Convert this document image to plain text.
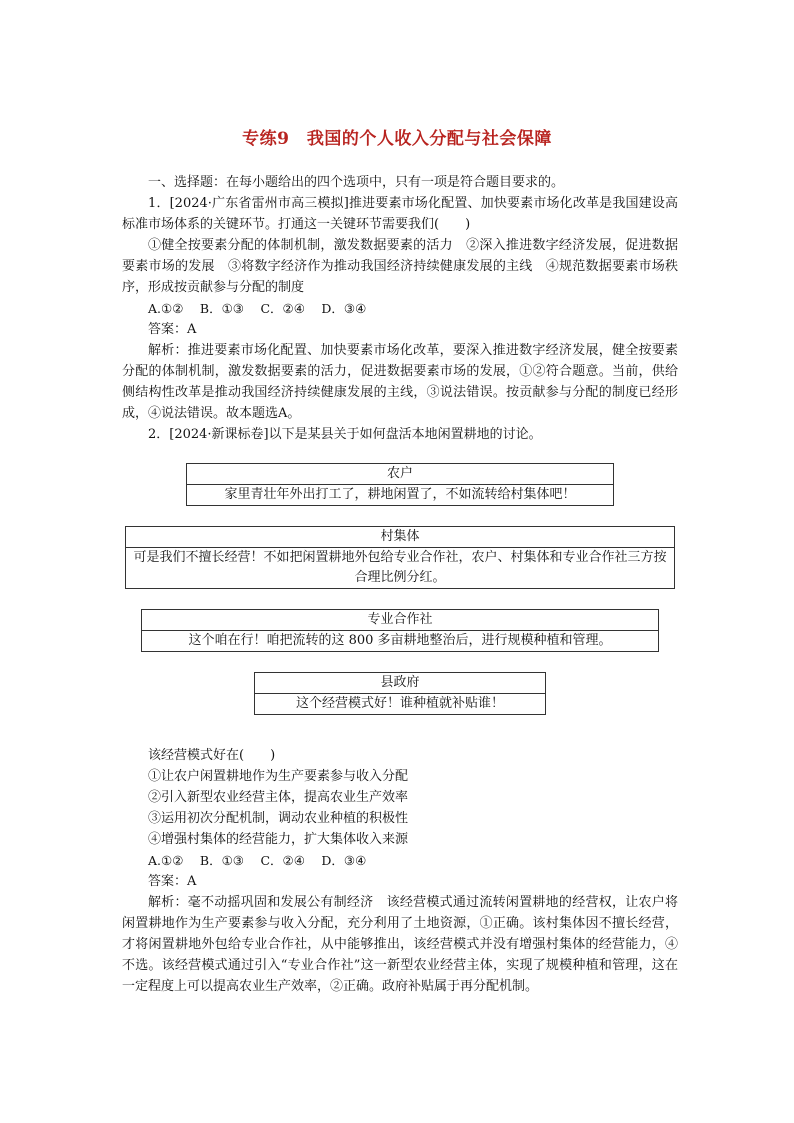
专练9　我国的个人收入分配与社会保障

一、选择题：在每小题给出的四个选项中，只有一项是符合题目要求的。

1．[2024·广东省雷州市高三模拟]推进要素市场化配置、加快要素市场化改革是我国建设高标准市场体系的关键环节。打通这一关键环节需要我们(　　)

①健全按要素分配的体制机制，激发数据要素的活力　②深入推进数字经济发展，促进数据要素市场的发展　③将数字经济作为推动我国经济持续健康发展的主线　④规范数据要素市场秩序，形成按贡献参与分配的制度

A.①②　 B．①③　 C．②④　 D．③④

答案：A

解析：推进要素市场化配置、加快要素市场化改革，要深入推进数字经济发展，健全按要素分配的体制机制，激发数据要素的活力，促进数据要素市场的发展，①②符合题意。当前，供给侧结构性改革是推动我国经济持续健康发展的主线，③说法错误。按贡献参与分配的制度已经形成，④说法错误。故本题选A。

2．[2024·新课标卷]以下是某县关于如何盘活本地闲置耕地的讨论。

农户
家里青壮年外出打工了，耕地闲置了，不如流转给村集体吧！
村集体
可是我们不擅长经营！不如把闲置耕地外包给专业合作社，农户、村集体和专业合作社三方按合理比例分红。
专业合作社
这个咱在行！咱把流转的这 800 多亩耕地整治后，进行规模种植和管理。
县政府
这个经营模式好！谁种植就补贴谁！

该经营模式好在(　　)

①让农户闲置耕地作为生产要素参与收入分配

②引入新型农业经营主体，提高农业生产效率

③运用初次分配机制，调动农业种植的积极性

④增强村集体的经营能力，扩大集体收入来源

A.①②　 B．①③　 C．②④　 D．③④

答案：A

解析：毫不动摇巩固和发展公有制经济　该经营模式通过流转闲置耕地的经营权，让农户将闲置耕地作为生产要素参与收入分配，充分利用了土地资源，①正确。该村集体因不擅长经营，才将闲置耕地外包给专业合作社，从中能够推出，该经营模式并没有增强村集体的经营能力，④不选。该经营模式通过引入“专业合作社”这一新型农业经营主体，实现了规模种植和管理，这在一定程度上可以提高农业生产效率，②正确。政府补贴属于再分配机制。
